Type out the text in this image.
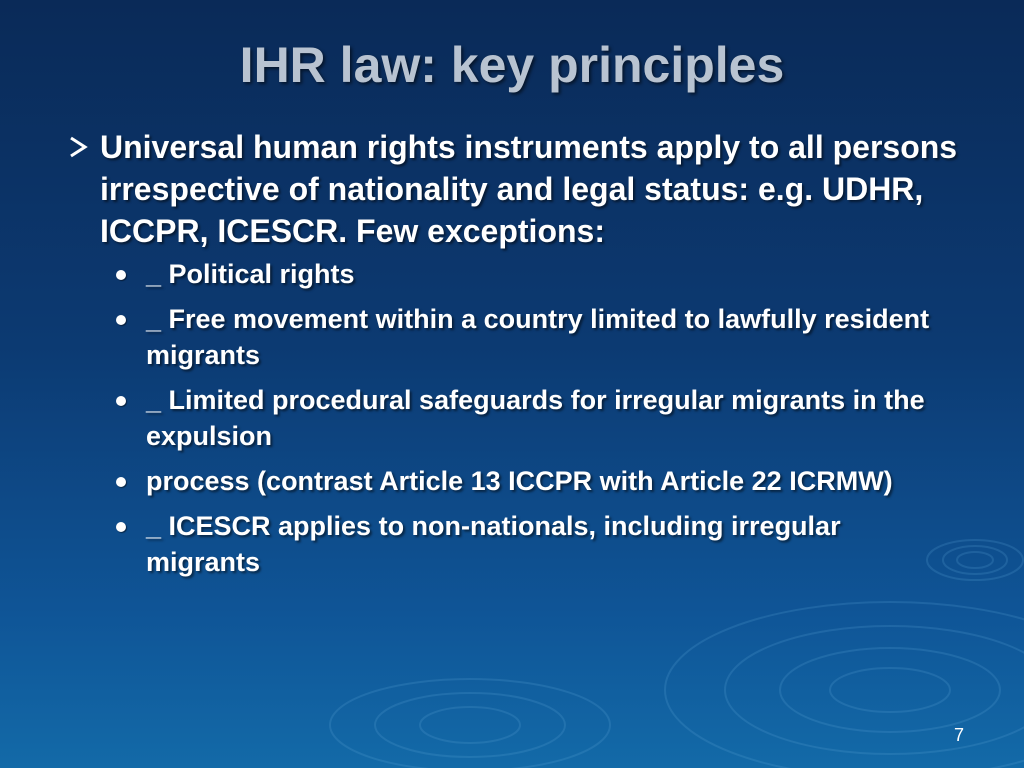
IHR law: key principles
Universal human rights instruments apply to all persons irrespective of nationality and legal status: e.g. UDHR, ICCPR, ICESCR. Few exceptions:
_ Political rights
_ Free movement within a country limited to lawfully resident migrants
_ Limited procedural safeguards for irregular migrants in the expulsion
process (contrast Article 13 ICCPR with Article 22 ICRMW)
_ ICESCR applies to non-nationals, including irregular migrants
7
